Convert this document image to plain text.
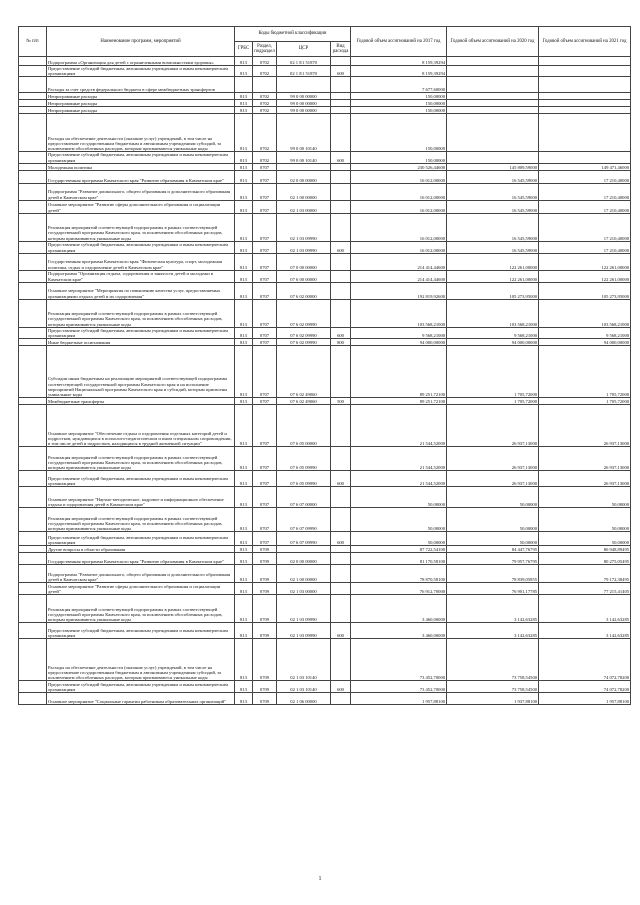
№ п/п	Наименование программ, мероприятий	Коды бюджетной классификации				Годовой объем ассигнований на 2017 год	Годовой объем ассигнований на 2020 год	Годовой объем ассигнований на 2021 год
		ГРБС	Раздел, подраздел	ЦСР	Вид расхода			
	Подпрограмма «Организация для детей с ограниченными возможностями здоровья»	813	0702	02 1 Е1 51870		8 159,39294		
	Предоставление субсидий бюджетным, автономным учреждениям и иным некоммерческим организациям	813	0702	02 1 Е1 51870	600	8 159,39294		
	Расходы за счет средств федерального бюджета в сфере межбюджетных трансфертов					7 677,60000		
	Непрограммные расходы	813	0702	99 0 00 00000		150,00000		
	Непрограммные расходы	813	0702	99 0 00 00000		150,00000		
	Непрограммные расходы	813	0702	99 0 00 00000		150,00000		
	Расходы на обеспечение деятельности (оказание услуг) учреждений, в том числе на предоставление государственным бюджетным и автономным учреждениям субсидий, за исключением обособленных расходов, которым присваиваются уникальные коды	813	0702	99 0 00 10140		150,00000		
	Предоставление субсидий бюджетным, автономным учреждениям и иным некоммерческим организациям	813	0702	99 0 00 10140	600	150,00000		
	Молодежная политика	813	0707			230 526,44600	145 809,59000	149 471,46000
	Государственная программа Камчатского края "Развитие образования в Камчатском крае"	813	0707	02 0 00 00000		16 012,00000	16 545,59000	17 210,40000
	Подпрограмма "Развитие дошкольного, общего образования и дополнительного образования детей в Камчатском крае"	813	0707	02 1 00 00000		16 012,00000	16 545,59000	17 210,40000
	Основное мероприятие "Развитие сферы дополнительного образования и социализации детей"	813	0707	02 1 03 00000		16 012,00000	16 545,59000	17 210,40000
	Реализация мероприятий соответствующей подпрограммы в рамках соответствующей государственной программы Камчатского края, за исключением обособленных расходов, которым присваиваются уникальные коды	813	0707	02 1 03 09990		16 012,00000	16 545,59000	17 210,40000
	Предоставление субсидий бюджетным, автономным учреждениям и иным некоммерческим организациям	813	0707	02 1 03 09990	600	16 012,00000	16 545,59000	17 210,40000
	Государственная программа Камчатского края "Физическая культура, спорт, молодежная политика, отдых и оздоровление детей в Камчатском крае"	813	0707	07 0 00 00000		214 414,44600	122 261,00000	122 261,00000
	Подпрограмма "Организация отдыха, оздоровления и занятости детей и молодежи в Камчатском крае"	813	0707	07 6 00 00000		214 414,44600	122 261,00000	122 261,00000
	Основное мероприятие "Мероприятия по повышению качества услуг, предоставляемых организациями отдыха детей и их оздоровления"	813	0707	07 6 02 00000		192 819,92600	105 273,95000	105 273,95000
	Реализация мероприятий соответствующей подпрограммы в рамках соответствующей государственной программы Камчатского края, за исключением обособленных расходов, которым присваиваются уникальные коды	813	0707	07 6 02 09990		103 568,21000	103 568,21000	103 568,21000
	Предоставление субсидий бюджетным, автономным учреждениям и иным некоммерческим организациям	813	0707	07 6 02 09990	600	9 568,21000	9 568,21000	9 568,21000
	Иные бюджетные ассигнования	813	0707	07 6 02 09990	800	94 000,00000	94 000,00000	94 000,00000
	Субсидии иным бюджетным на реализацию мероприятий соответствующей подпрограммы соответствующей государственной программы Камчатского края и на исполнение мероприятий Национальной программы Камчатского края и субсидий, которым присвоены уникальные коды	813	0707	07 6 02 49060		89 251,72100	1 705,72000	1 705,72000
	Межбюджетные трансферты	813	0707	07 6 02 49060	500	89 251,72100	1 705,72000	1 705,72000
	Основное мероприятие "Обеспечение отдыха и оздоровления отдельных категорий детей и подростков, нуждающихся в психолого-педагогическом и ином специальном сопровождении, в том числе детей и подростков, находящихся в трудной жизненной ситуации"	813	0707	07 6 05 00000		21 544,52000	26 937,13000	26 937,13000
	Реализация мероприятий соответствующей подпрограммы в рамках соответствующей государственной программы Камчатского края, за исключением обособленных расходов, которым присваиваются уникальные коды	813	0707	07 6 05 09990		21 544,52000	26 937,13000	26 937,13000
	Предоставление субсидий бюджетным, автономным учреждениям и иным некоммерческим организациям	813	0707	07 6 05 09990	600	21 544,52000	26 937,13000	26 937,13000
	Основное мероприятие "Научно-методическое, кадровое и информационное обеспечение отдыха и оздоровления детей в Камчатском крае"	813	0707	07 6 07 00000		50,00000	50,00000	50,00000
	Реализация мероприятий соответствующей подпрограммы в рамках соответствующей государственной программы Камчатского края, за исключением обособленных расходов, которым присваиваются уникальные коды	813	0707	07 6 07 09990		50,00000	50,00000	50,00000
	Предоставление субсидий бюджетным, автономным учреждениям и иным некоммерческим организациям	813	0707	07 6 07 09990	600	50,00000	50,00000	50,00000
	Другие вопросы в области образования	813	0709			87 722,54100	84 447,76795	86 948,89495
	Государственная программа Камчатского края "Развитие образования в Камчатском крае"	813	0709	02 0 00 00000		81 170,58100	79 957,76795	80 275,05495
	Подпрограмма "Развитие дошкольного, общего образования и дополнительного образования детей в Камчатском крае"	813	0709	02 1 00 00000		78 870,58100	78 839,05855	79 172,38495
	Основное мероприятие "Развитие сферы дополнительного образования и социализации детей"	813	0709	02 1 03 00000		76 912,70000	76 901,17785	77 215,41405
	Реализация мероприятий соответствующей подпрограммы в рамках соответствующей государственной программы Камчатского края, за исключением обособленных расходов, которым присваиваются уникальные коды	813	0709	02 1 03 09990		3 460,00000	3 142,63285	3 142,63285
	Предоставление субсидий бюджетным, автономным учреждениям и иным некоммерческим организациям	813	0709	02 1 03 09990	600	3 460,00000	3 142,63285	3 142,63285
	Расходы на обеспечение деятельности (оказание услуг) учреждений, в том числе на предоставление государственным бюджетным и автономным учреждениям субсидий, за исключением обособленных расходов, которым присваиваются уникальные коды	813	0709	02 1 03 10140		73 452,70000	73 758,54500	74 072,78200
	Предоставление субсидий бюджетным, автономным учреждениям и иным некоммерческим организациям	813	0709	02 1 03 10140	600	73 452,70000	73 758,54500	74 072,78200
	Основное мероприятие "Социальные гарантии работникам образовательных организаций"	813	0709	02 1 06 00000		1 957,88100	1 937,88100	1 957,88100
1
